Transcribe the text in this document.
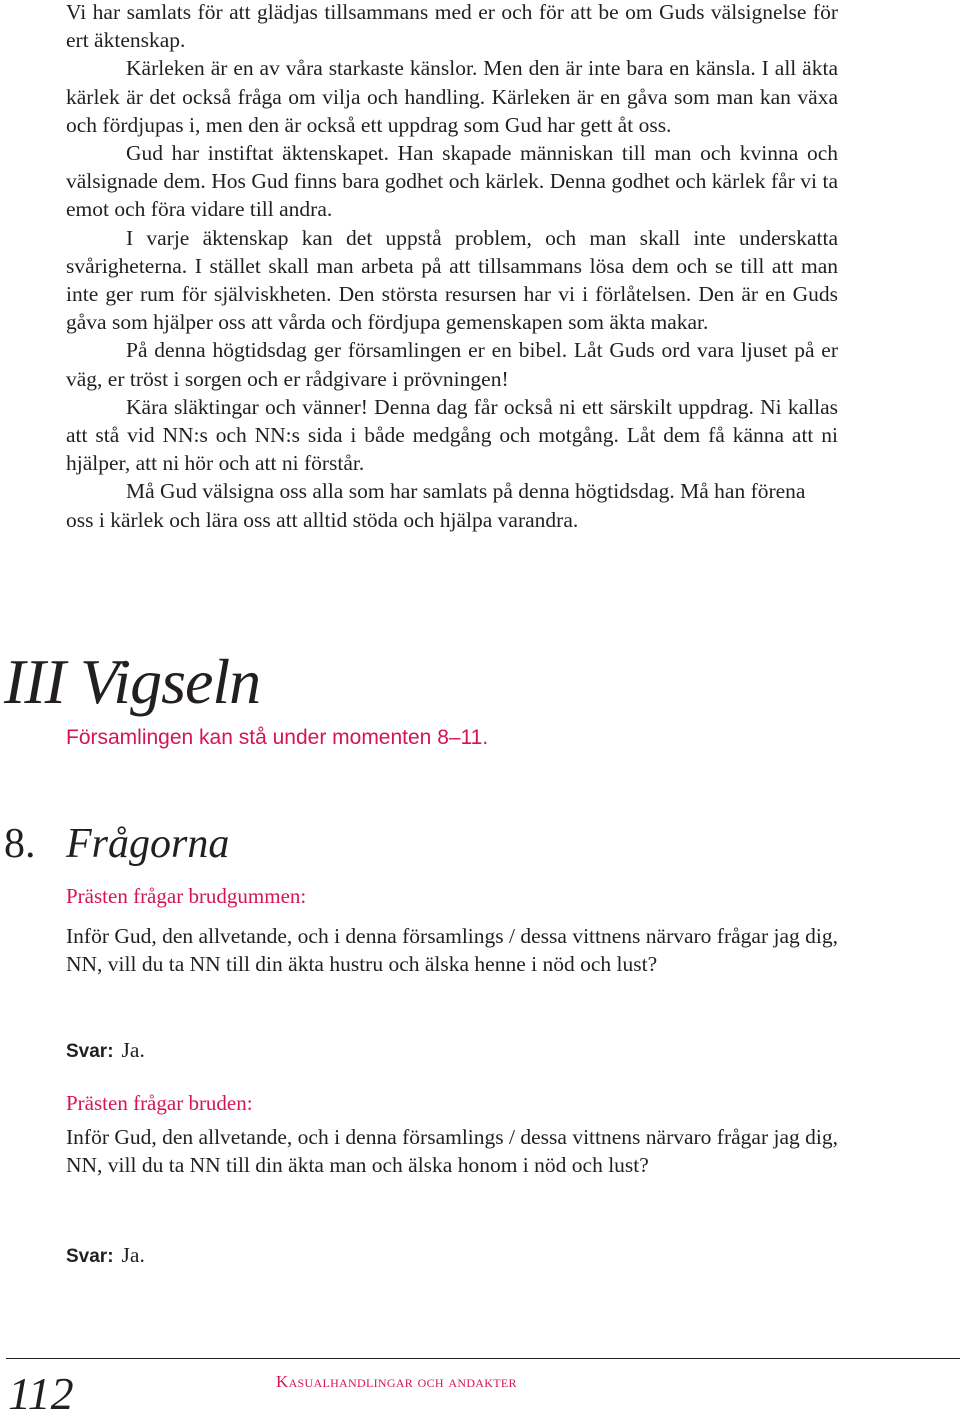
Vi har samlats för att glädjas tillsammans med er och för att be om Guds välsignelse för ert äktenskap.

Kärleken är en av våra starkaste känslor. Men den är inte bara en känsla. I all äkta kärlek är det också fråga om vilja och handling. Kärleken är en gåva som man kan växa och fördjupas i, men den är också ett uppdrag som Gud har gett åt oss.

Gud har instiftat äktenskapet. Han skapade människan till man och kvinna och välsignade dem. Hos Gud finns bara godhet och kärlek. Denna godhet och kärlek får vi ta emot och föra vidare till andra.

I varje äktenskap kan det uppstå problem, och man skall inte underskatta svårigheterna. I stället skall man arbeta på att tillsammans lösa dem och se till att man inte ger rum för själviskheten. Den största resursen har vi i förlåtelsen. Den är en Guds gåva som hjälper oss att vårda och fördjupa gemenskapen som äkta makar.

På denna högtidsdag ger församlingen er en bibel. Låt Guds ord vara ljuset på er väg, er tröst i sorgen och er rådgivare i prövningen!

Kära släktingar och vänner! Denna dag får också ni ett särskilt uppdrag. Ni kallas att stå vid NN:s och NN:s sida i både medgång och motgång. Låt dem få känna att ni hjälper, att ni hör och att ni förstår.

Må Gud välsigna oss alla som har samlats på denna högtidsdag. Må han förena oss i kärlek och lära oss att alltid stöda och hjälpa varandra.

III Vigseln

Församlingen kan stå under momenten 8–11.

8. Frågorna

Prästen frågar brudgummen:

Inför Gud, den allvetande, och i denna församlings / dessa vittnens närvaro frågar jag dig, NN, vill du ta NN till din äkta hustru och älska henne i nöd och lust?

Svar: Ja.

Prästen frågar bruden:

Inför Gud, den allvetande, och i denna församlings / dessa vittnens närvaro frågar jag dig, NN, vill du ta NN till din äkta man och älska honom i nöd och lust?

Svar: Ja.

112	Kasualhandlingar och andakter
